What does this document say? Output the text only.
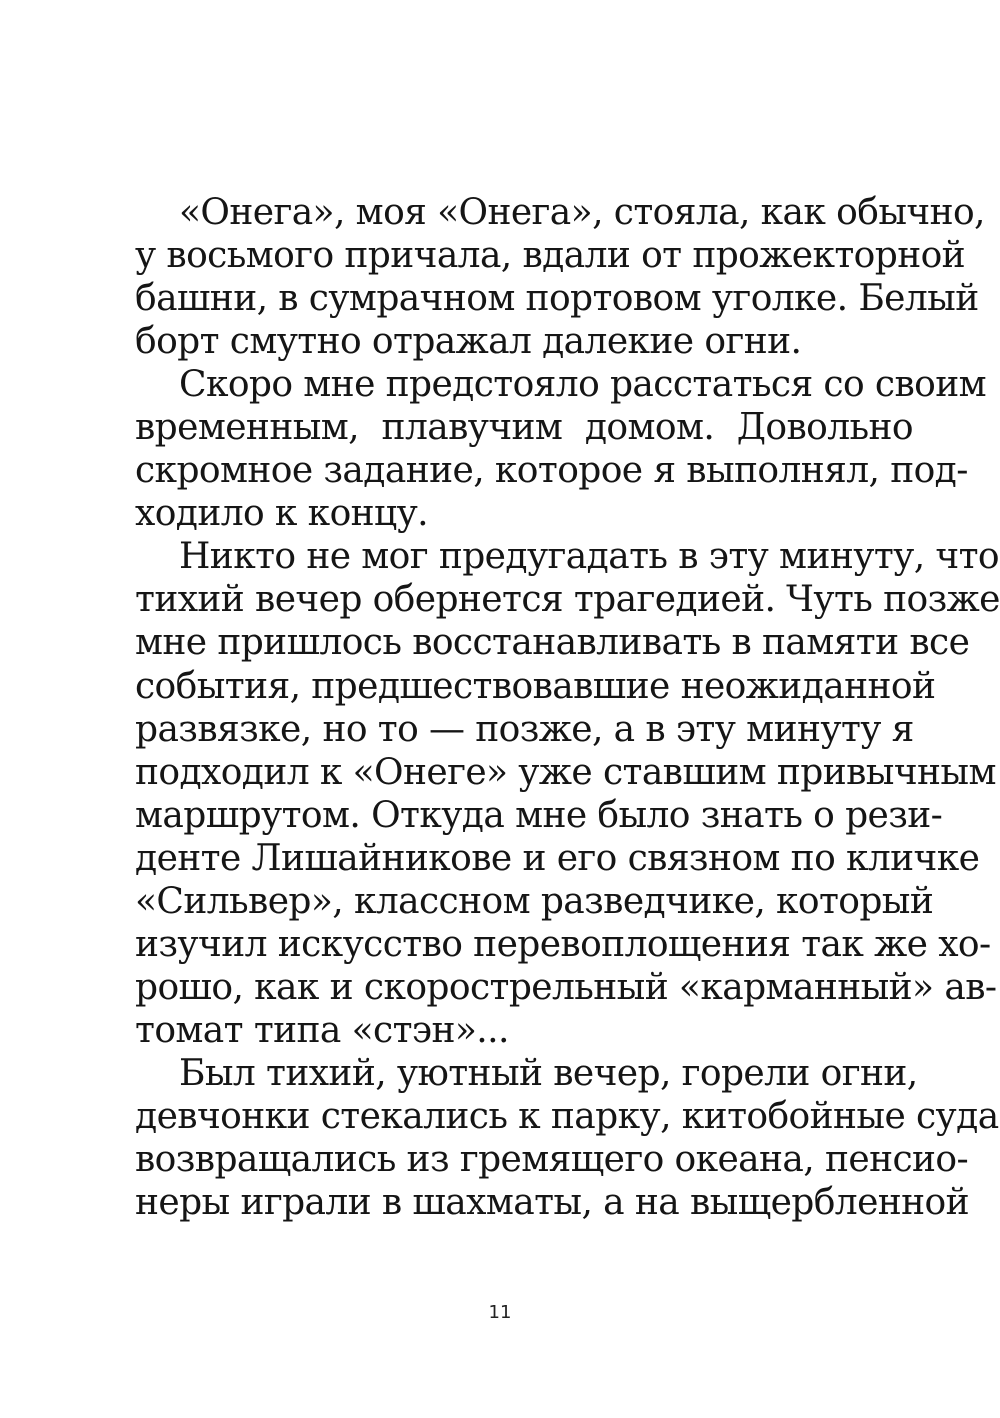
«Онега», моя «Онега», стояла, как обычно,
у восьмого причала, вдали от прожекторной
башни, в сумрачном портовом уголке. Белый
борт смутно отражал далекие огни.
Скоро мне предстояло расстаться со своим
временным, плавучим домом. Довольно
скромное задание, которое я выполнял, под-
ходило к концу.
Никто не мог предугадать в эту минуту, что
тихий вечер обернется трагедией. Чуть позже
мне пришлось восстанавливать в памяти все
события, предшествовавшие неожиданной
развязке, но то — позже, а в эту минуту я
подходил к «Онеге» уже ставшим привычным
маршрутом. Откуда мне было знать о рези-
денте Лишайникове и его связном по кличке
«Сильвер», классном разведчике, который
изучил искусство перевоплощения так же хо-
рошо, как и скорострельный «карманный» ав-
томат типа «стэн»...
Был тихий, уютный вечер, горели огни,
девчонки стекались к парку, китобойные суда
возвращались из гремящего океана, пенсио-
неры играли в шахматы, а на выщербленной
11
